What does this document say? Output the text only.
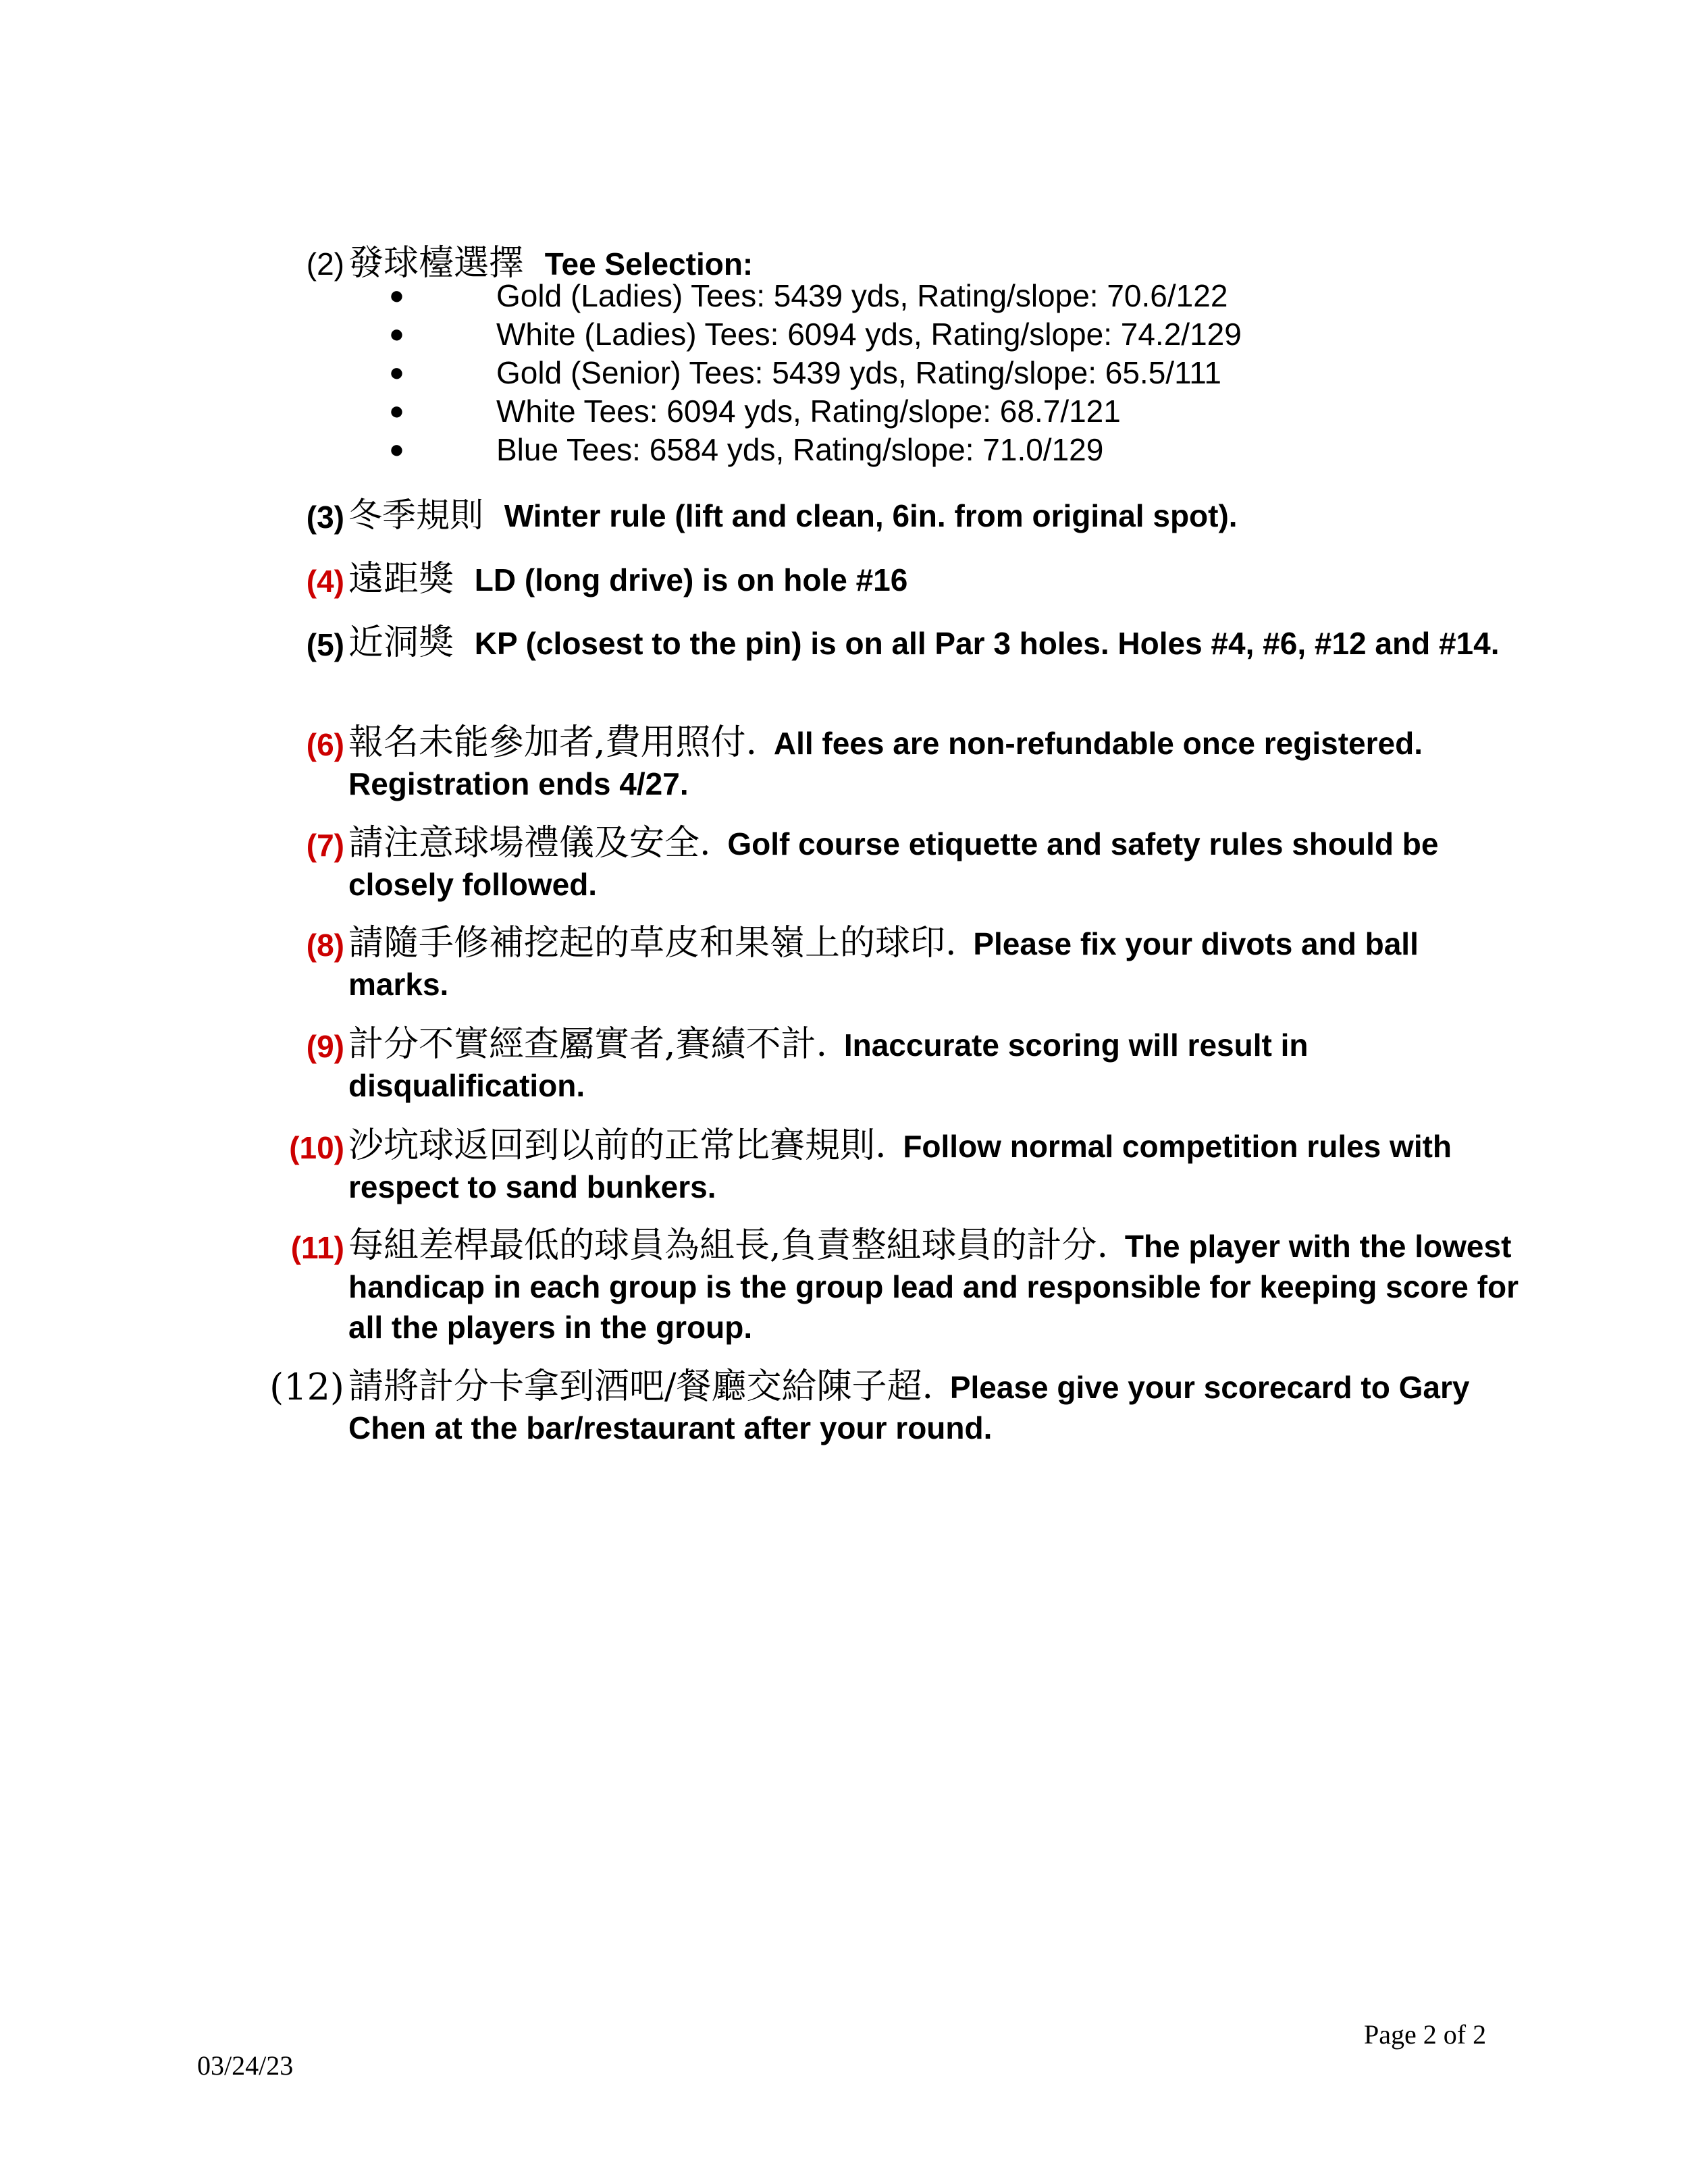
(2) 發球檯選擇 Tee Selection:
●	Gold (Ladies) Tees: 5439 yds, Rating/slope: 70.6/122
●	White (Ladies) Tees: 6094 yds, Rating/slope: 74.2/129
●	Gold (Senior) Tees: 5439 yds, Rating/slope: 65.5/111
●	White Tees: 6094 yds, Rating/slope: 68.7/121
●	Blue Tees: 6584 yds, Rating/slope: 71.0/129
(3) 冬季規則 Winter rule (lift and clean, 6in. from original spot).
(4) 遠距獎 LD (long drive) is on hole #16
(5) 近洞獎 KP (closest to the pin) is on all Par 3 holes. Holes #4, #6, #12 and #14.
(6) 報名未能參加者,費用照付. All fees are non-refundable once registered. Registration ends 4/27.
(7) 請注意球場禮儀及安全. Golf course etiquette and safety rules should be closely followed.
(8) 請隨手修補挖起的草皮和果嶺上的球印. Please fix your divots and ball marks.
(9) 計分不實經查屬實者,賽績不計. Inaccurate scoring will result in disqualification.
(10) 沙坑球返回到以前的正常比賽規則. Follow normal competition rules with respect to sand bunkers.
(11) 每組差桿最低的球員為組長,負責整組球員的計分. The player with the lowest handicap in each group is the group lead and responsible for keeping score for all the players in the group.
(12) 請將計分卡拿到酒吧/餐廳交給陳子超. Please give your scorecard to Gary Chen at the bar/restaurant after your round.
Page 2 of 2
03/24/23
